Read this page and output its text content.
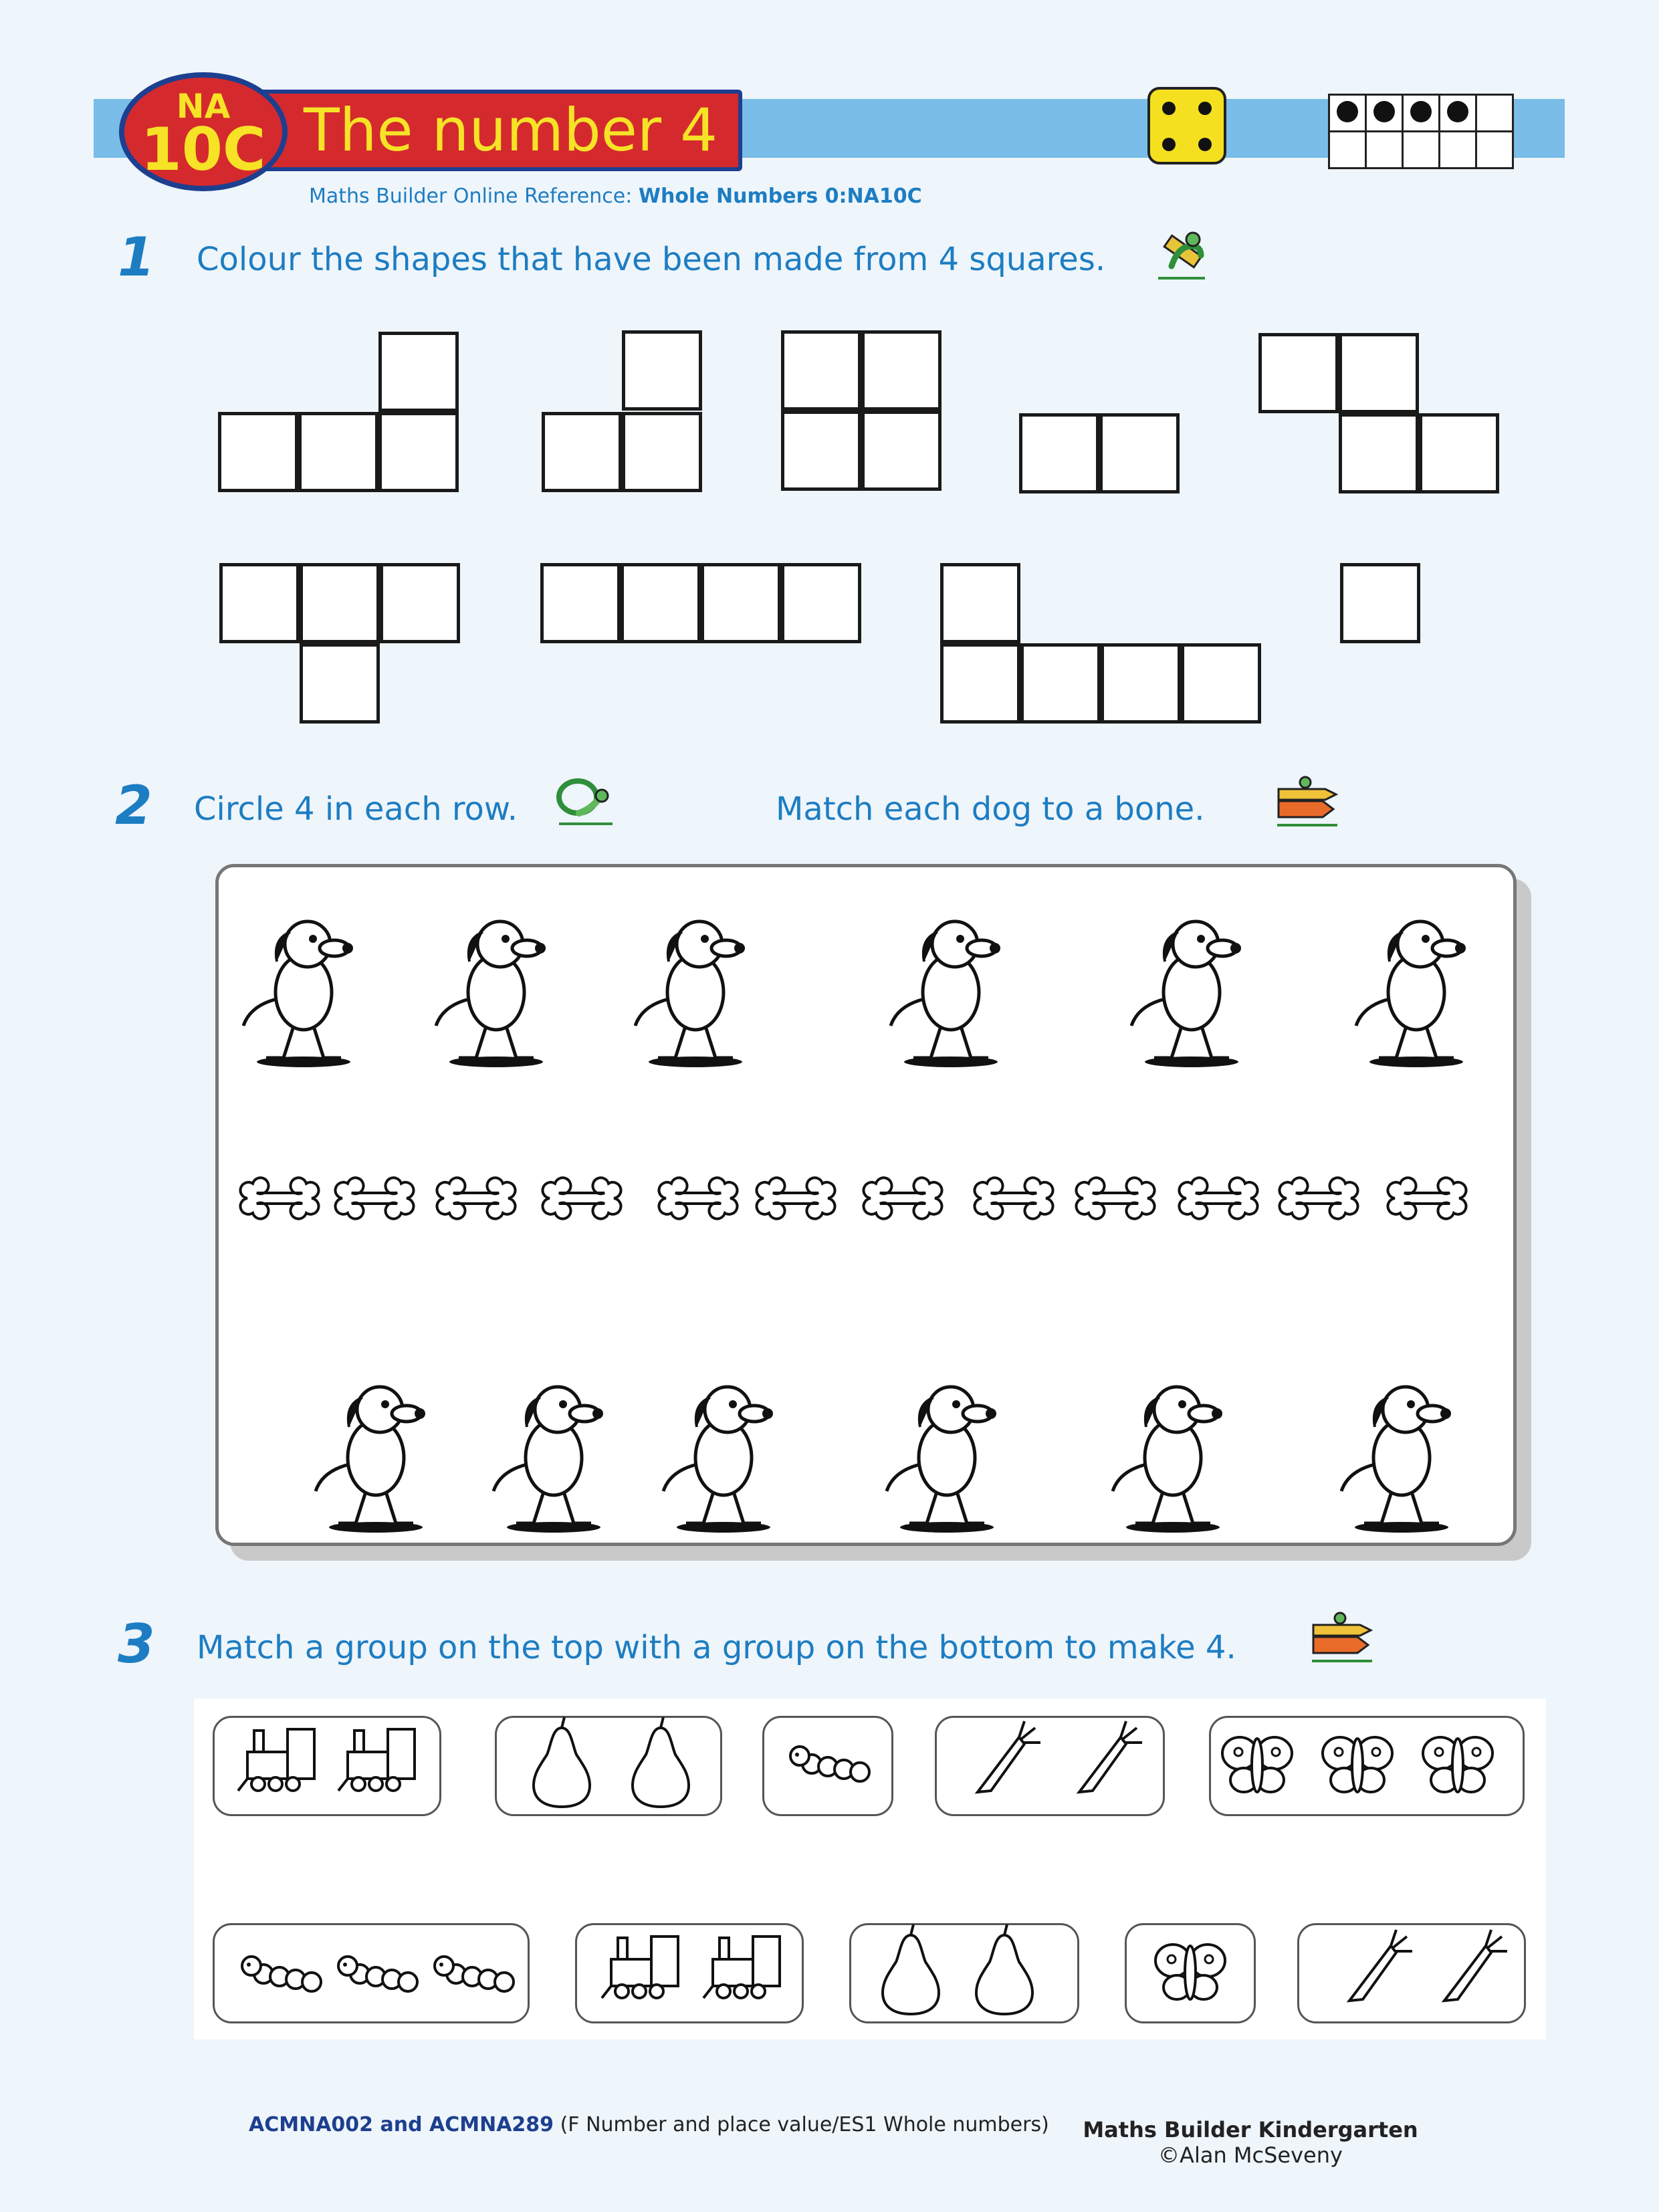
The number 4
NA
10C
Maths Builder Online Reference: Whole Numbers 0:NA10C

1 Colour the shapes that have been made from 4 squares.
2 Circle 4 in each row.	Match each dog to a bone.
3 Match a group on the top with a group on the bottom to make 4.
ACMNA002 and ACMNA289 (F Number and place value/ES1 Whole numbers) Maths Builder Kindergarten
©Alan McSeveny
